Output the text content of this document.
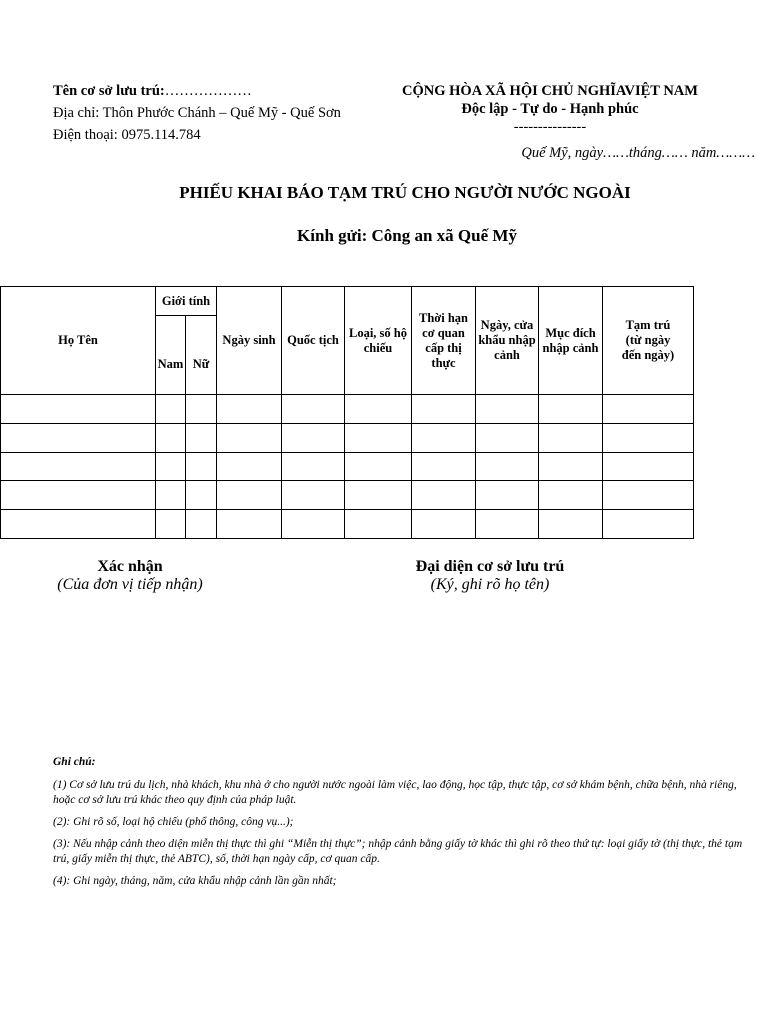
Tên cơ sở lưu trú:………………
Địa chỉ: Thôn Phước Chánh – Quế Mỹ - Quế Sơn
Điện thoại: 0975.114.784
CỘNG HÒA XÃ HỘI CHỦ NGHĨAVIỆT NAM
Độc lập - Tự do - Hạnh phúc
---------------
Quế Mỹ, ngày……tháng…… năm………
PHIẾU KHAI BÁO TẠM TRÚ CHO NGƯỜI NƯỚC NGOÀI
Kính gửi: Công an xã Quế Mỹ
Họ Tên	Giới tính		Ngày sinh	Quốc tịch	Loại, số hộ chiếu	Thời hạn cơ quan cấp thị thực	Ngày, cửa khẩu nhập cảnh	Mục đích nhập cảnh	Tạm trú (từ ngày đến ngày)
	Nam	Nữ							

Xác nhận
(Của đơn vị tiếp nhận)
Đại diện cơ sở lưu trú
(Ký, ghi rõ họ tên)
Ghi chú:

(1) Cơ sở lưu trú du lịch, nhà khách, khu nhà ở cho người nước ngoài làm việc, lao động, học tập, thực tập, cơ sở khám bệnh, chữa bệnh, nhà riêng, hoặc cơ sở lưu trú khác theo quy định của pháp luật.

(2): Ghi rõ số, loại hộ chiếu (phổ thông, công vụ...);

(3): Nếu nhập cảnh theo diện miễn thị thực thì ghi “Miễn thị thực”; nhập cảnh bằng giấy tờ khác thì ghi rõ theo thứ tự: loại giấy tờ (thị thực, thẻ tạm trú, giấy miễn thị thực, thẻ ABTC), số, thời hạn ngày cấp, cơ quan cấp.

(4): Ghi ngày, tháng, năm, cửa khẩu nhập cảnh lần gần nhất;
